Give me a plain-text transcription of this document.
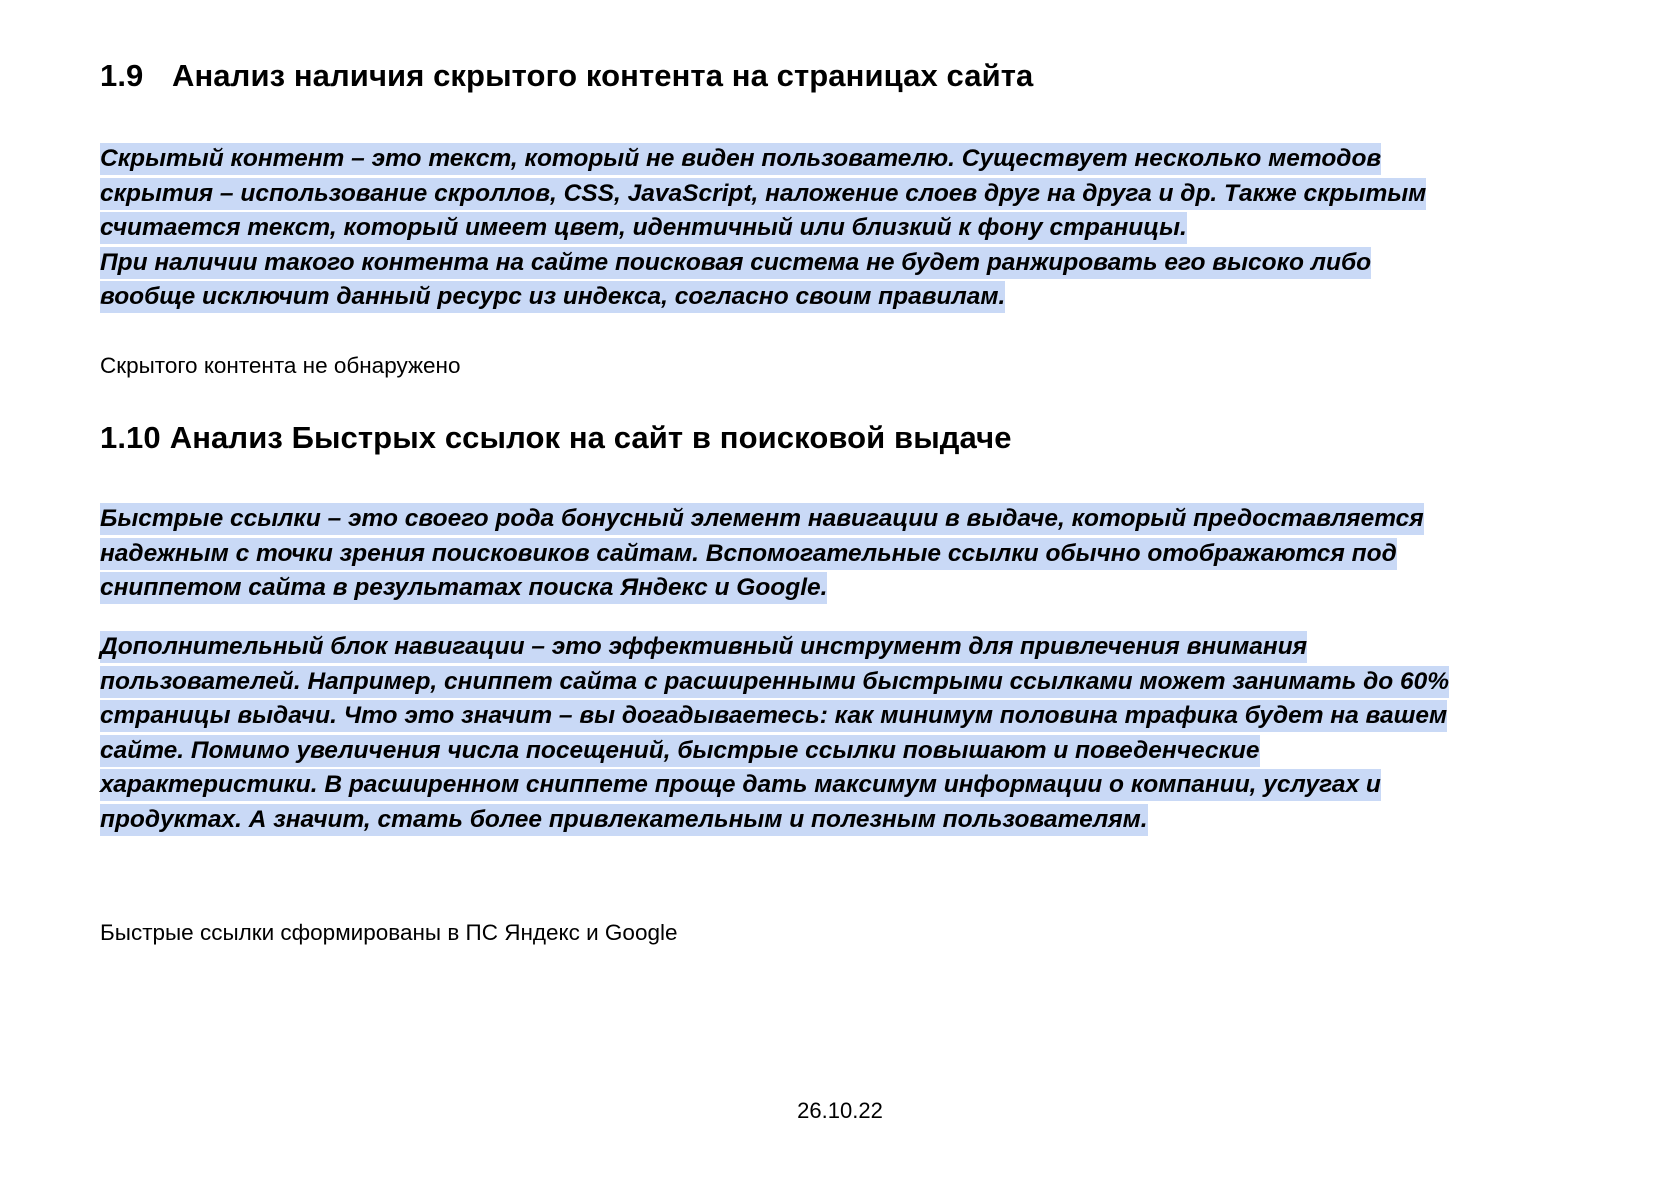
1.9 Анализ наличия скрытого контента на страницах сайта
Скрытый контент – это текст, который не виден пользователю. Существует несколько методов
скрытия – использование скроллов, CSS, JavaScript, наложение слоев друг на друга и др. Также скрытым
считается текст, который имеет цвет, идентичный или близкий к фону страницы.
При наличии такого контента на сайте поисковая система не будет ранжировать его высоко либо
вообще исключит данный ресурс из индекса, согласно своим правилам.
Скрытого контента не обнаружено
1.10 Анализ Быстрых ссылок на сайт в поисковой выдаче
Быстрые ссылки – это своего рода бонусный элемент навигации в выдаче, который предоставляется
надежным с точки зрения поисковиков сайтам. Вспомогательные ссылки обычно отображаются под
сниппетом сайта в результатах поиска Яндекс и Google.
Дополнительный блок навигации – это эффективный инструмент для привлечения внимания
пользователей. Например, сниппет сайта с расширенными быстрыми ссылками может занимать до 60%
страницы выдачи. Что это значит – вы догадываетесь: как минимум половина трафика будет на вашем
сайте. Помимо увеличения числа посещений, быстрые ссылки повышают и поведенческие
характеристики. В расширенном сниппете проще дать максимум информации о компании, услугах и
продуктах. А значит, стать более привлекательным и полезным пользователям.
Быстрые ссылки сформированы в ПС Яндекс и Google
26.10.22
